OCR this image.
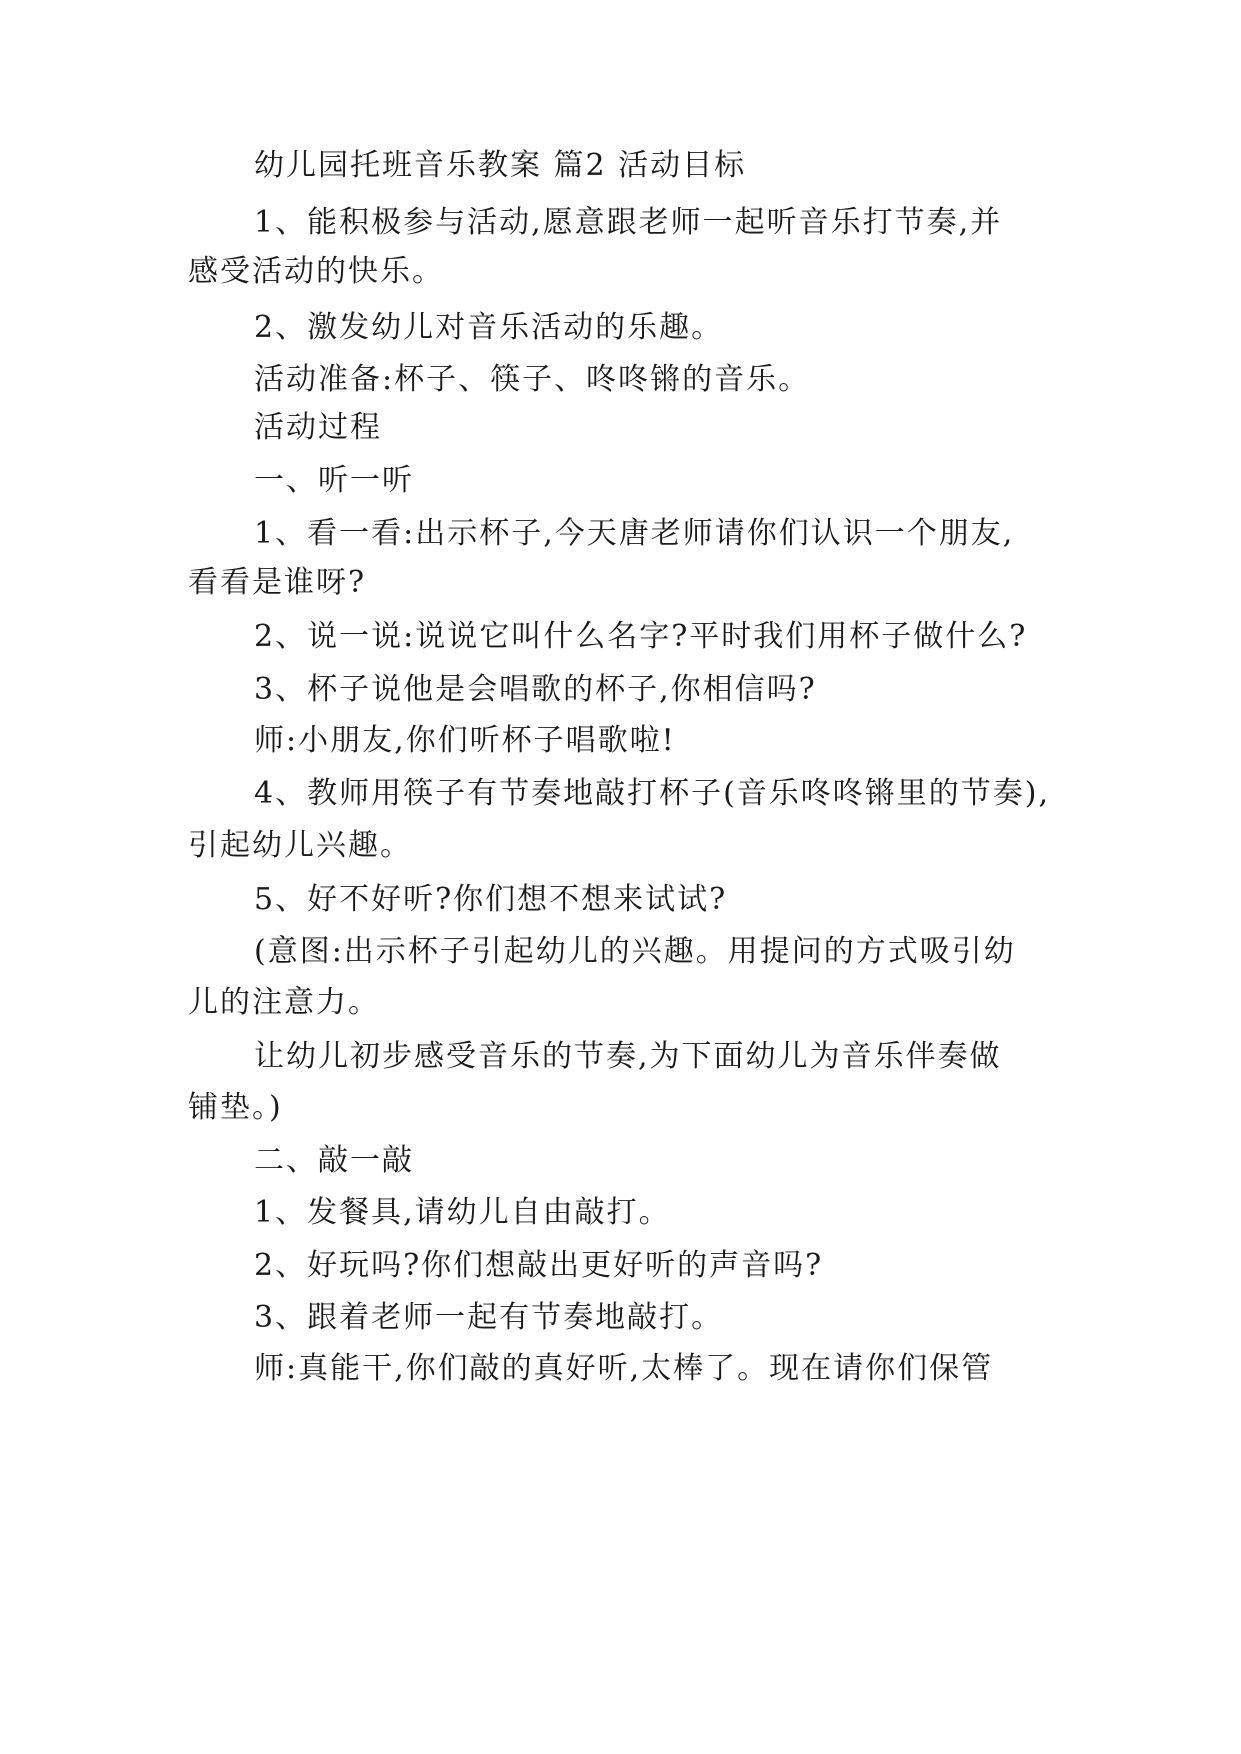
幼儿园托班音乐教案 篇2 活动目标

1、能积极参与活动,愿意跟老师一起听音乐打节奏,并

感受活动的快乐。

2、激发幼儿对音乐活动的乐趣。

活动准备:杯子、筷子、咚咚锵的音乐。

活动过程

一、听一听

1、看一看:出示杯子,今天唐老师请你们认识一个朋友,

看看是谁呀?

2、说一说:说说它叫什么名字?平时我们用杯子做什么?

3、杯子说他是会唱歌的杯子,你相信吗?

师:小朋友,你们听杯子唱歌啦!

4、教师用筷子有节奏地敲打杯子(音乐咚咚锵里的节奏),

引起幼儿兴趣。

5、好不好听?你们想不想来试试?

(意图:出示杯子引起幼儿的兴趣。用提问的方式吸引幼

儿的注意力。

让幼儿初步感受音乐的节奏,为下面幼儿为音乐伴奏做

铺垫。)

二、敲一敲

1、发餐具,请幼儿自由敲打。

2、好玩吗?你们想敲出更好听的声音吗?

3、跟着老师一起有节奏地敲打。

师:真能干,你们敲的真好听,太棒了。现在请你们保管
